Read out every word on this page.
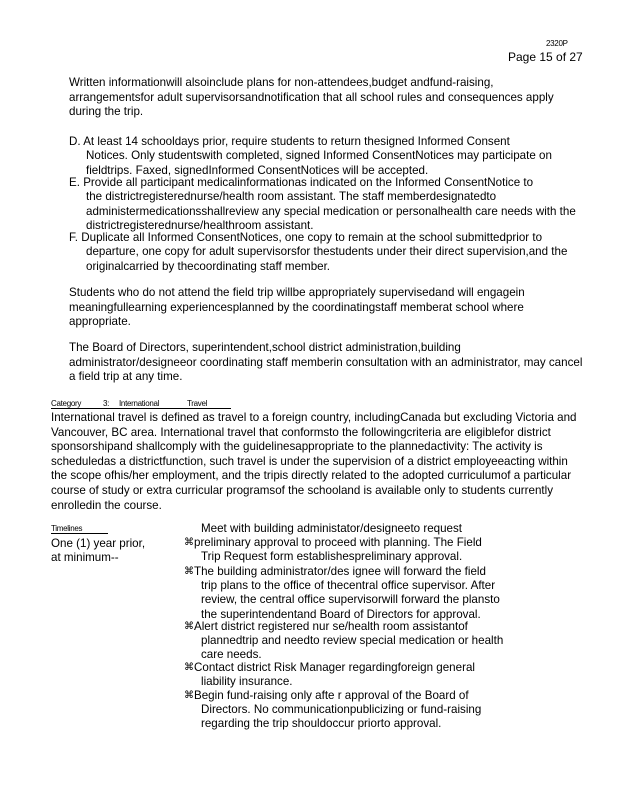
2320P
Page 15 of 27

Written informationwill alsoinclude plans for non-attendees,budget andfund-raising, arrangementsfor adult supervisorsandnotification that all school rules and consequences apply during the trip.

D. At least 14 schooldays prior, require students to return thesigned Informed Consent
Notices. Only studentswith completed, signed Informed ConsentNotices may participate on fieldtrips. Faxed, signedInformed ConsentNotices will be accepted.
E. Provide all participant medicalinformationas indicated on the Informed ConsentNotice to
the districtregisterednurse/health room assistant. The staff memberdesignatedto administermedicationsshallreview any special medication or personalhealth care needs with the districtregisterednurse/healthroom assistant.
F. Duplicate all Informed ConsentNotices, one copy to remain at the school submittedprior to
departure, one copy for adult supervisorsfor thestudents under their direct supervision,and the originalcarried by thecoordinating staff member.

Students who do not attend the field trip willbe appropriately supervisedand will engagein meaningfullearning experiencesplanned by the coordinatingstaff memberat school where appropriate.

The Board of Directors, superintendent,school district administration,building administrator/designeeor coordinating staff memberin consultation with an administrator, may cancel a field trip at any time.

Category	3: International	Travel

International travel is defined as travel to a foreign country, includingCanada but excluding Victoria and Vancouver, BC area. International travel that conformsto the followingcriteria are eligiblefor district sponsorshipand shallcomply with the guidelinesappropriate to the plannedactivity: The activity is scheduledas a districtfunction, such travel is under the supervision of a district employeeacting within the scope ofhis/her employment, and the tripis directly related to the adopted curriculumof a particular course of study or extra curricular programsof the schooland is available only to students currently enrolledin the course.

Timelines
One (1) year prior,
at minimum--
Meet with building administator/designeeto request
⌘ preliminary approval to proceed with planning. The Field
Trip Request form establishespreliminary approval.
⌘ The building administrator/des ignee will forward the field
trip plans to the office of thecentral office supervisor. After review, the central office supervisorwill forward the plansto the superintendentand Board of Directors for approval.
⌘ Alert district registered nur se/health room assistantof
plannedtrip and needto review special medication or health care needs.
⌘ Contact district Risk Manager regardingforeign general
liability insurance.
⌘ Begin fund-raising only afte r approval of the Board of
Directors. No communicationpublicizing or fund-raising regarding the trip shouldoccur priorto approval.
